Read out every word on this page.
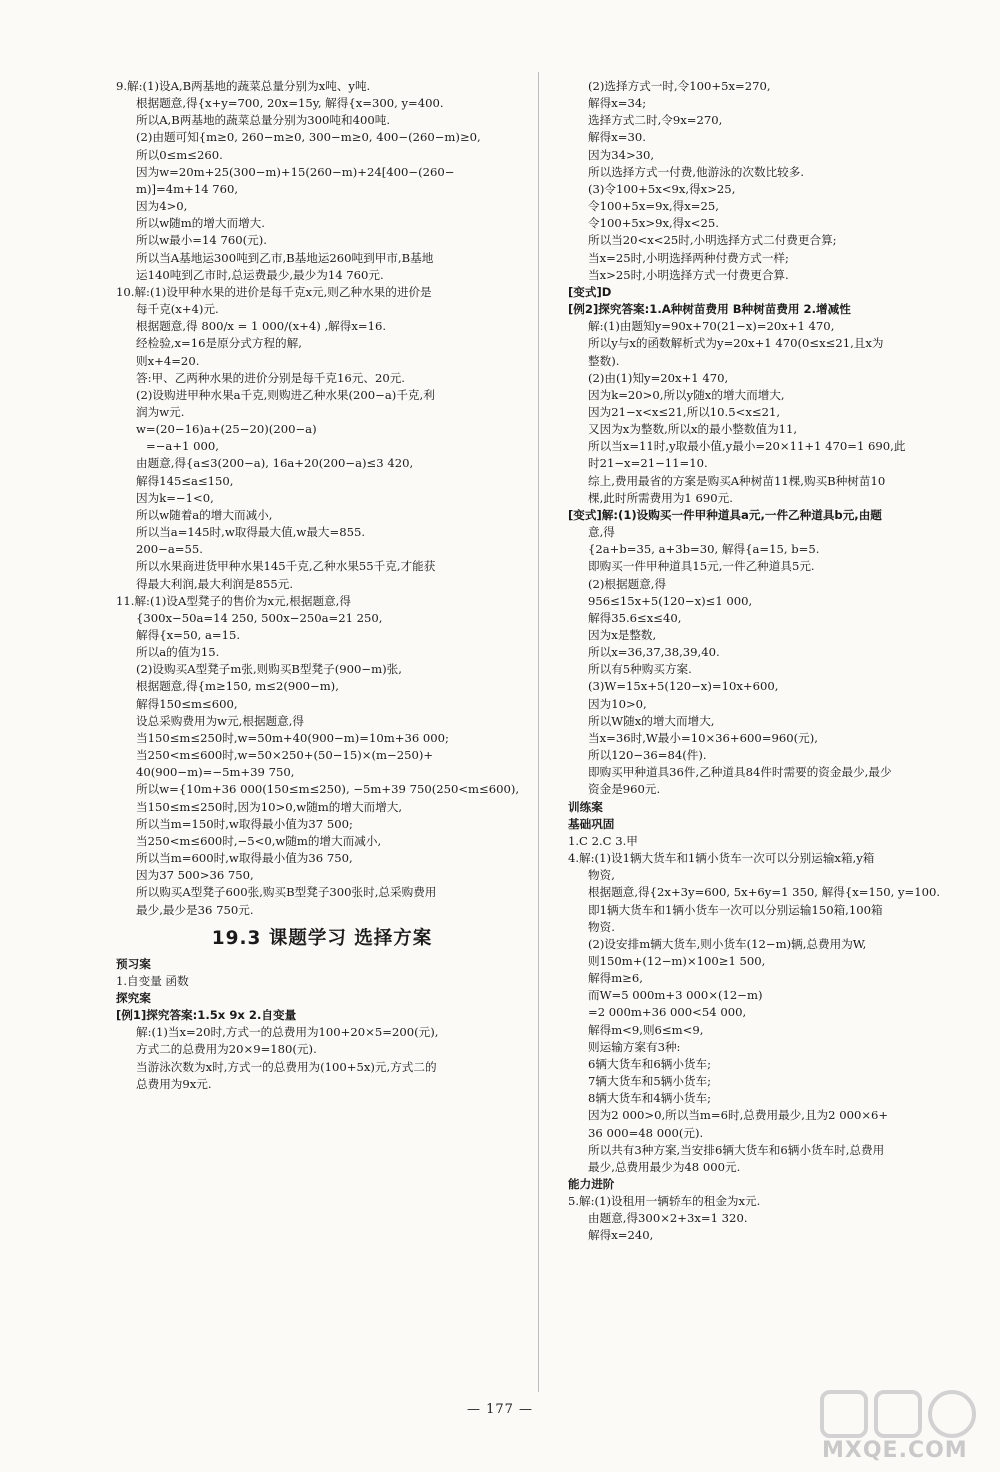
9.解:(1)设A,B两基地的蔬菜总量分别为x吨、y吨.
根据题意,得{x+y=700, 20x=15y, 解得{x=300, y=400.
所以A,B两基地的蔬菜总量分别为300吨和400吨.
(2)由题可知{m≥0, 260−m≥0, 300−m≥0, 400−(260−m)≥0,
所以0≤m≤260.
因为w=20m+25(300−m)+15(260−m)+24[400−(260−
m)]=4m+14 760,
因为4>0,
所以w随m的增大而增大.
所以w最小=14 760(元).
所以当A基地运300吨到乙市,B基地运260吨到甲市,B基地
运140吨到乙市时,总运费最少,最少为14 760元.
10.解:(1)设甲种水果的进价是每千克x元,则乙种水果的进价是
每千克(x+4)元.
根据题意,得 800/x = 1 000/(x+4) ,解得x=16.
经检验,x=16是原分式方程的解,
则x+4=20.
答:甲、乙两种水果的进价分别是每千克16元、20元.
(2)设购进甲种水果a千克,则购进乙种水果(200−a)千克,利
润为w元.
w=(20−16)a+(25−20)(200−a)
=−a+1 000,
由题意,得{a≤3(200−a), 16a+20(200−a)≤3 420,
解得145≤a≤150,
因为k=−1<0,
所以w随着a的增大而减小,
所以当a=145时,w取得最大值,w最大=855.
200−a=55.
所以水果商进货甲种水果145千克,乙种水果55千克,才能获
得最大利润,最大利润是855元.
11.解:(1)设A型凳子的售价为x元,根据题意,得
{300x−50a=14 250, 500x−250a=21 250,
解得{x=50, a=15.
所以a的值为15.
(2)设购买A型凳子m张,则购买B型凳子(900−m)张,
根据题意,得{m≥150, m≤2(900−m),
解得150≤m≤600,
设总采购费用为w元,根据题意,得
当150≤m≤250时,w=50m+40(900−m)=10m+36 000;
当250<m≤600时,w=50×250+(50−15)×(m−250)+
40(900−m)=−5m+39 750,
所以w={10m+36 000(150≤m≤250), −5m+39 750(250<m≤600),
当150≤m≤250时,因为10>0,w随m的增大而增大,
所以当m=150时,w取得最小值为37 500;
当250<m≤600时,−5<0,w随m的增大而减小,
所以当m=600时,w取得最小值为36 750,
因为37 500>36 750,
所以购买A型凳子600张,购买B型凳子300张时,总采购费用
最少,最少是36 750元.
19.3 课题学习 选择方案
预习案
1.自变量 函数
探究案
[例1]探究答案:1.5x 9x 2.自变量
解:(1)当x=20时,方式一的总费用为100+20×5=200(元),
方式二的总费用为20×9=180(元).
当游泳次数为x时,方式一的总费用为(100+5x)元,方式二的
总费用为9x元.
(2)选择方式一时,令100+5x=270,
解得x=34;
选择方式二时,令9x=270,
解得x=30.
因为34>30,
所以选择方式一付费,他游泳的次数比较多.
(3)令100+5x<9x,得x>25,
令100+5x=9x,得x=25,
令100+5x>9x,得x<25.
所以当20<x<25时,小明选择方式二付费更合算;
当x=25时,小明选择两种付费方式一样;
当x>25时,小明选择方式一付费更合算.
[变式]D
[例2]探究答案:1.A种树苗费用 B种树苗费用 2.增减性
解:(1)由题知y=90x+70(21−x)=20x+1 470,
所以y与x的函数解析式为y=20x+1 470(0≤x≤21,且x为
整数).
(2)由(1)知y=20x+1 470,
因为k=20>0,所以y随x的增大而增大,
因为21−x<x≤21,所以10.5<x≤21,
又因为x为整数,所以x的最小整数值为11,
所以当x=11时,y取最小值,y最小=20×11+1 470=1 690,此
时21−x=21−11=10.
综上,费用最省的方案是购买A种树苗11棵,购买B种树苗10
棵,此时所需费用为1 690元.
[变式]解:(1)设购买一件甲种道具a元,一件乙种道具b元,由题
意,得
{2a+b=35, a+3b=30, 解得{a=15, b=5.
即购买一件甲种道具15元,一件乙种道具5元.
(2)根据题意,得
956≤15x+5(120−x)≤1 000,
解得35.6≤x≤40,
因为x是整数,
所以x=36,37,38,39,40.
所以有5种购买方案.
(3)W=15x+5(120−x)=10x+600,
因为10>0,
所以W随x的增大而增大,
当x=36时,W最小=10×36+600=960(元),
所以120−36=84(件).
即购买甲种道具36件,乙种道具84件时需要的资金最少,最少
资金是960元.
训练案
基础巩固
1.C 2.C 3.甲
4.解:(1)设1辆大货车和1辆小货车一次可以分别运输x箱,y箱
物资,
根据题意,得{2x+3y=600, 5x+6y=1 350, 解得{x=150, y=100.
即1辆大货车和1辆小货车一次可以分别运输150箱,100箱
物资.
(2)设安排m辆大货车,则小货车(12−m)辆,总费用为W,
则150m+(12−m)×100≥1 500,
解得m≥6,
而W=5 000m+3 000×(12−m)
=2 000m+36 000<54 000,
解得m<9,则6≤m<9,
则运输方案有3种:
6辆大货车和6辆小货车;
7辆大货车和5辆小货车;
8辆大货车和4辆小货车;
因为2 000>0,所以当m=6时,总费用最少,且为2 000×6+
36 000=48 000(元).
所以共有3种方案,当安排6辆大货车和6辆小货车时,总费用
最少,总费用最少为48 000元.
能力进阶
5.解:(1)设租用一辆轿车的租金为x元.
由题意,得300×2+3x=1 320.
解得x=240,
— 177 —
MXQE.COM
